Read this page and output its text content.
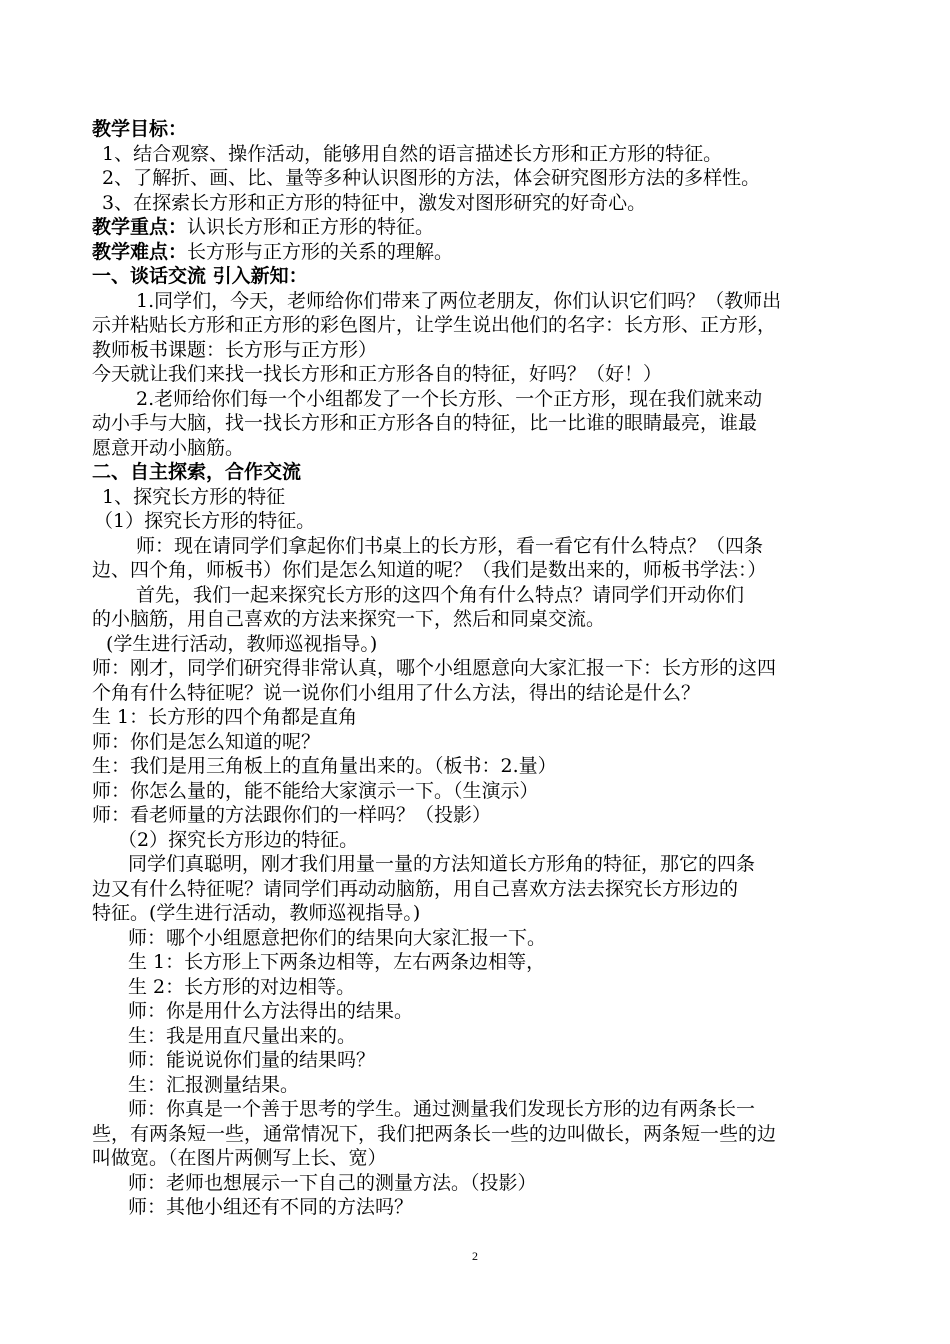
教学目标：
1、结合观察、操作活动，能够用自然的语言描述长方形和正方形的特征。
2、了解折、画、比、量等多种认识图形的方法，体会研究图形方法的多样性。
3、在探索长方形和正方形的特征中，激发对图形研究的好奇心。
教学重点：认识长方形和正方形的特征。
教学难点：长方形与正方形的关系的理解。
一、谈话交流 引入新知：
1.同学们，今天，老师给你们带来了两位老朋友，你们认识它们吗？（教师出
示并粘贴长方形和正方形的彩色图片，让学生说出他们的名字：长方形、正方形，
教师板书课题：长方形与正方形）
今天就让我们来找一找长方形和正方形各自的特征，好吗？（好！）
2.老师给你们每一个小组都发了一个长方形、一个正方形，现在我们就来动
动小手与大脑，找一找长方形和正方形各自的特征，比一比谁的眼睛最亮，谁最
愿意开动小脑筋。
二、自主探索，合作交流
1、探究长方形的特征
（1）探究长方形的特征。
师：现在请同学们拿起你们书桌上的长方形，看一看它有什么特点？（四条
边、四个角，师板书）你们是怎么知道的呢？（我们是数出来的，师板书学法：）
首先，我们一起来探究长方形的这四个角有什么特点？请同学们开动你们
的小脑筋，用自己喜欢的方法来探究一下，然后和同桌交流。
(学生进行活动，教师巡视指导。)
师：刚才，同学们研究得非常认真，哪个小组愿意向大家汇报一下：长方形的这四
个角有什么特征呢？说一说你们小组用了什么方法，得出的结论是什么？
生 1：长方形的四个角都是直角
师：你们是怎么知道的呢？
生：我们是用三角板上的直角量出来的。（板书：2.量）
师：你怎么量的，能不能给大家演示一下。（生演示）
师：看老师量的方法跟你们的一样吗？（投影）
（2）探究长方形边的特征。
同学们真聪明，刚才我们用量一量的方法知道长方形角的特征，那它的四条
边又有什么特征呢？请同学们再动动脑筋，用自己喜欢方法去探究长方形边的
特征。(学生进行活动，教师巡视指导。)
师：哪个小组愿意把你们的结果向大家汇报一下。
生 1：长方形上下两条边相等，左右两条边相等，
生 2：长方形的对边相等。
师：你是用什么方法得出的结果。
生：我是用直尺量出来的。
师：能说说你们量的结果吗？
生：汇报测量结果。
师：你真是一个善于思考的学生。通过测量我们发现长方形的边有两条长一
些，有两条短一些，通常情况下，我们把两条长一些的边叫做长，两条短一些的边
叫做宽。（在图片两侧写上长、宽）
师：老师也想展示一下自己的测量方法。（投影）
师：其他小组还有不同的方法吗？
2
